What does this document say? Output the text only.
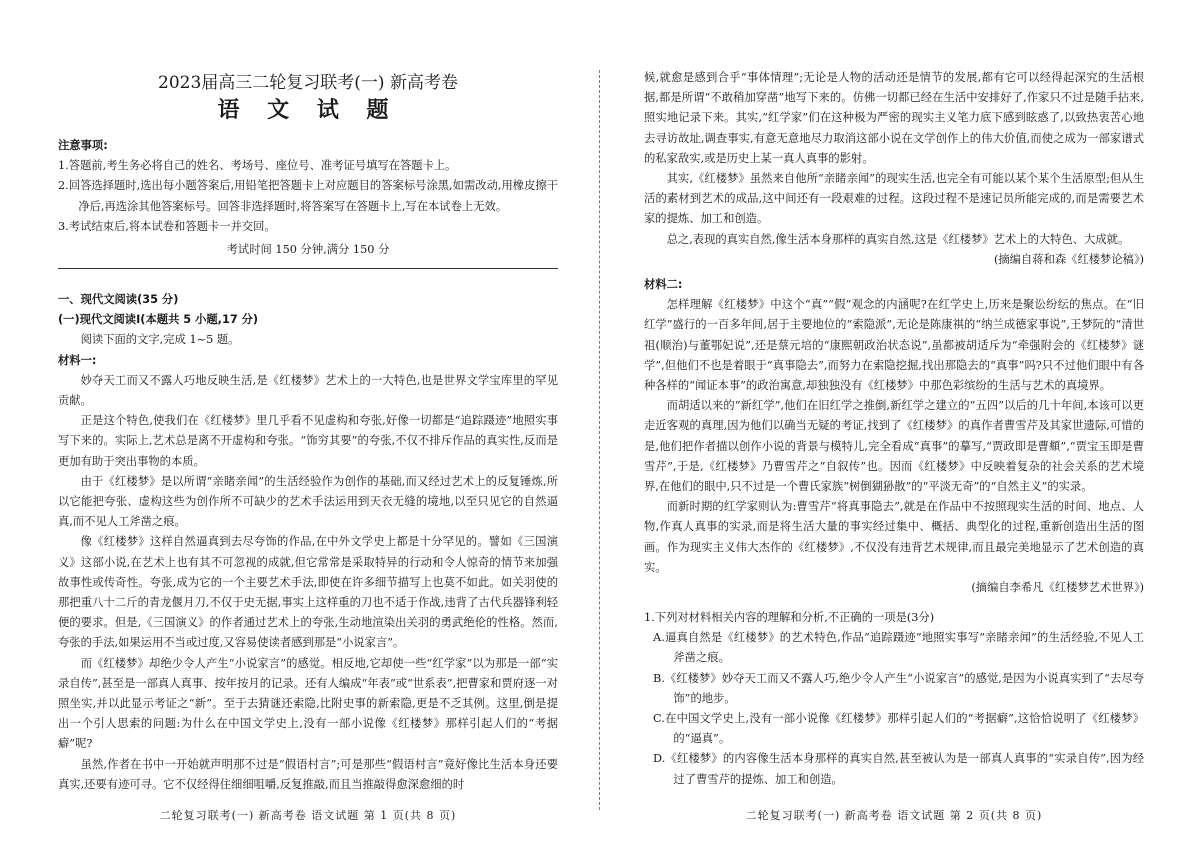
2023届高三二轮复习联考(一) 新高考卷

语 文 试 题

注意事项:

1.答题前,考生务必将自己的姓名、考场号、座位号、准考证号填写在答题卡上。

2.回答选择题时,选出每小题答案后,用铅笔把答题卡上对应题目的答案标号涂黑,如需改动,用橡皮擦干净后,再选涂其他答案标号。回答非选择题时,将答案写在答题卡上,写在本试卷上无效。

3.考试结束后,将本试卷和答题卡一并交回。

考试时间 150 分钟,满分 150 分

一、现代文阅读(35 分)

(一)现代文阅读Ⅰ(本题共 5 小题,17 分)

阅读下面的文字,完成 1~5 题。

材料一:

妙夺天工而又不露人巧地反映生活,是《红楼梦》艺术上的一大特色,也是世界文学宝库里的罕见贡献。

正是这个特色,使我们在《红楼梦》里几乎看不见虚构和夸张,好像一切都是“追踪蹑迹”地照实事写下来的。实际上,艺术总是离不开虚构和夸张。“饰穷其要”的夸张,不仅不排斥作品的真实性,反而是更加有助于突出事物的本质。

由于《红楼梦》是以所谓“亲睹亲闻”的生活经验作为创作的基础,而又经过艺术上的反复锤炼,所以它能把夸张、虚构这些为创作所不可缺少的艺术手法运用到天衣无缝的境地,以至只见它的自然逼真,而不见人工斧凿之痕。

像《红楼梦》这样自然逼真到去尽夸饰的作品,在中外文学史上都是十分罕见的。譬如《三国演义》这部小说,在艺术上也有其不可忽视的成就,但它常常是采取特异的行动和令人惊奇的情节来加强故事性或传奇性。夸张,成为它的一个主要艺术手法,即使在许多细节描写上也莫不如此。如关羽使的那把重八十二斤的青龙偃月刀,不仅于史无据,事实上这样重的刀也不适于作战,违背了古代兵器锋利轻便的要求。但是,《三国演义》的作者通过艺术上的夸张,生动地渲染出关羽的勇武绝伦的性格。然而,夸张的手法,如果运用不当或过度,又容易使读者感到那是“小说家言”。

而《红楼梦》却绝少令人产生“小说家言”的感觉。相反地,它却使一些“红学家”以为那是一部“实录自传”,甚至是一部真人真事、按年按月的记录。还有人编成“年表”或“世系表”,把曹家和贾府逐一对照坐实,并以此显示考证之“新”。至于去猜谜还索隐,比附史事的新索隐,更是不乏其例。这里,倒是提出一个引人思索的问题:为什么在中国文学史上,没有一部小说像《红楼梦》那样引起人们的“考据癖”呢?

虽然,作者在书中一开始就声明那不过是“假语村言”;可是那些“假语村言”竟好像比生活本身还要真实,还要有迹可寻。它不仅经得住细细咀嚼,反复推敲,而且当推敲得愈深愈细的时

二轮复习联考(一) 新高考卷 语文试题 第 1 页(共 8 页)

候,就愈是感到合乎“事体情理”;无论是人物的活动还是情节的发展,都有它可以经得起深究的生活根据,都是所谓“不敢稍加穿凿”地写下来的。仿佛一切都已经在生活中安排好了,作家只不过是随手拈来,照实地记录下来。其实,“红学家”们在这种极为严密的现实主义笔力底下感到眩惑了,以致热衷苦心地去寻访故址,调查事实,有意无意地尽力取消这部小说在文学创作上的伟大价值,而使之成为一部家谱式的私家敌实,或是历史上某一真人真事的影射。

其实,《红楼梦》虽然来自他所“亲睹亲闻”的现实生活,也完全有可能以某个某个生活原型;但从生活的素材到艺术的成品,这中间还有一段艰难的过程。这段过程不是速记员所能完成的,而是需要艺术家的提炼、加工和创造。

总之,表现的真实自然,像生活本身那样的真实自然,这是《红楼梦》艺术上的大特色、大成就。

(摘编自蒋和森《红楼梦论稿》)

材料二:

怎样理解《红楼梦》中这个“真”“假”观念的内涵呢?在红学史上,历来是聚讼纷纭的焦点。在“旧红学”盛行的一百多年间,居于主要地位的“索隐派”,无论是陈康祺的“纳兰成德家事说”,王梦阮的“清世祖(顺治)与董鄂妃说”,还是蔡元培的“康熙朝政治状态说”,虽都被胡适斥为“牵强附会的《红楼梦》谜学”,但他们不也是着眼于“真事隐去”,而努力在索隐挖掘,找出那隐去的“真事”吗?只不过他们眼中有各种各样的“闻证本事”的政治寓意,却独独没有《红楼梦》中那色彩缤纷的生活与艺术的真境界。

而胡适以来的“新红学”,他们在旧红学之推倒,新红学之建立的“五四”以后的几十年间,本该可以更走近客观的真理,因为他们以确当无疑的考证,找到了《红楼梦》的真作者曹雪芹及其家世遗际,可惜的是,他们把作者描以创作小说的背景与模特儿,完全看成“真事”的摹写,“贾政即是曹頫”,“贾宝玉即是曹雪芹”,于是,《红楼梦》乃曹雪芹之“自叙传”也。因而《红楼梦》中反映着复杂的社会关系的艺术境界,在他们的眼中,只不过是一个曹氏家族“树倒猢狲散”的“平淡无奇”的“自然主义”的实录。

而新时期的红学家则认为:曹雪芹“将真事隐去”,就是在作品中不按照现实生活的时间、地点、人物,作真人真事的实录,而是将生活大量的事实经过集中、概括、典型化的过程,重新创造出生活的图画。作为现实主义伟大杰作的《红楼梦》,不仅没有违背艺术规律,而且最完美地显示了艺术创造的真实。

(摘编自李希凡《红楼梦艺术世界》)

1.下列对材料相关内容的理解和分析,不正确的一项是(3分)

A.逼真自然是《红楼梦》的艺术特色,作品“追踪蹑迹”地照实事写“亲睹亲闻”的生活经验,不见人工斧凿之痕。

B.《红楼梦》妙夺天工而又不露人巧,绝少令人产生“小说家言”的感觉,是因为小说真实到了“去尽夸饰”的地步。

C.在中国文学史上,没有一部小说像《红楼梦》那样引起人们的“考据癖”,这恰恰说明了《红楼梦》的“逼真”。

D.《红楼梦》的内容像生活本身那样的真实自然,甚至被认为是一部真人真事的“实录自传”,因为经过了曹雪芹的提炼、加工和创造。

二轮复习联考(一) 新高考卷 语文试题 第 2 页(共 8 页)
